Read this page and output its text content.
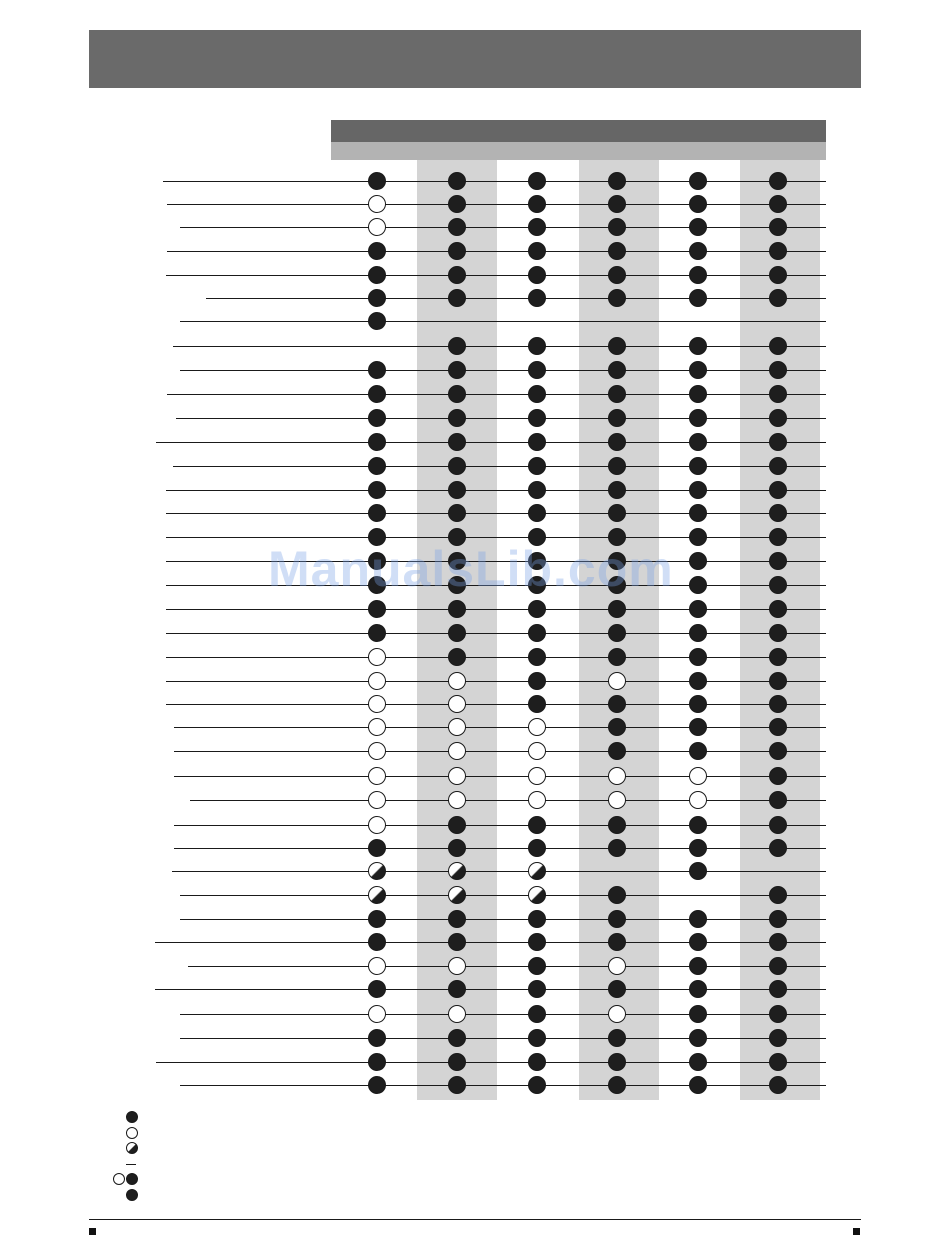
ManualsLib.com
